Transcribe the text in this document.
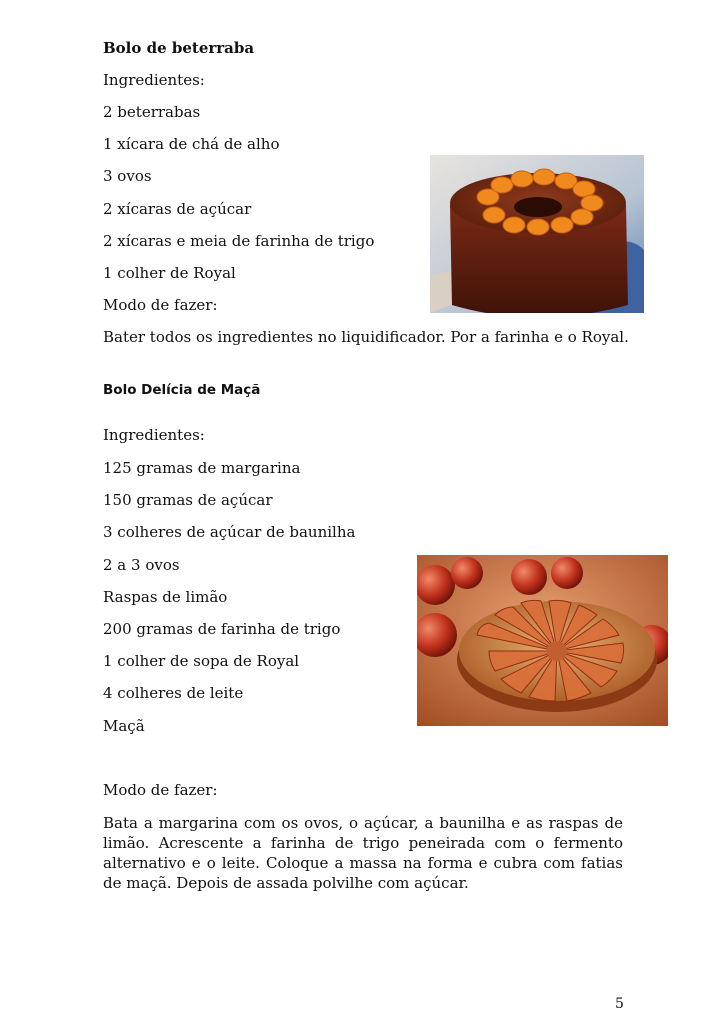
Bolo de beterraba
Ingredientes:
2 beterrabas
1 xícara de chá de alho
3 ovos
2 xícaras de açúcar
2 xícaras e meia de farinha de trigo
1 colher de Royal
Modo de fazer:
Bater todos os ingredientes no liquidificador. Por a farinha e o Royal.
Bolo Delícia de Maçã
Ingredientes:
125 gramas de margarina
150 gramas de açúcar
3 colheres de açúcar de baunilha
2 a 3 ovos
Raspas de limão
200 gramas de farinha de trigo
1 colher de sopa de Royal
4 colheres de leite
Maçã
Modo de fazer:
Bata a margarina com os ovos, o açúcar, a baunilha e as raspas de limão. Acrescente a farinha de trigo peneirada com o fermento alternativo e o leite. Coloque a massa na forma e cubra com fatias de maçã. Depois de assada polvilhe com açúcar.
5
